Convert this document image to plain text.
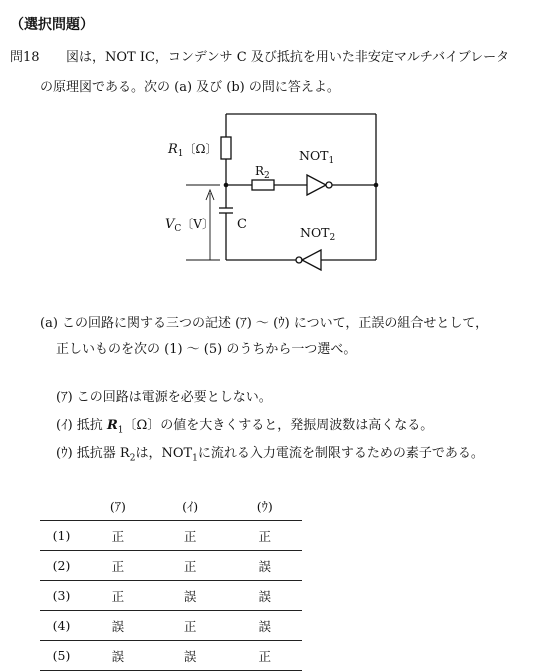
（選択問題）
問18 図は，NOT IC，コンデンサ C 及び抵抗を用いた非安定マルチバイブレータ
の原理図である。次の (a) 及び (b) の問に答えよ。
$R_1$〔Ω〕
$R_2$
$NOT_1$
$NOT_2$
$V_C$〔V〕 C
(a) この回路に関する三つの記述 (ｱ) ～ (ｳ) について，正誤の組合せとして，
正しいものを次の (1) ～ (5) のうちから一つ選べ。
(ｱ) この回路は電源を必要としない。
(ｲ) 抵抗 $R_1$〔Ω〕の値を大きくすると，発振周波数は高くなる。
(ｳ) 抵抗器 $R_2$は，$NOT_1$に流れる入力電流を制限するための素子である。
	(ｱ)	(ｲ)	(ｳ)
(1)	正	正	正
(2)	正	正	誤
(3)	正	誤	誤
(4)	誤	正	誤
(5)	誤	誤	正
